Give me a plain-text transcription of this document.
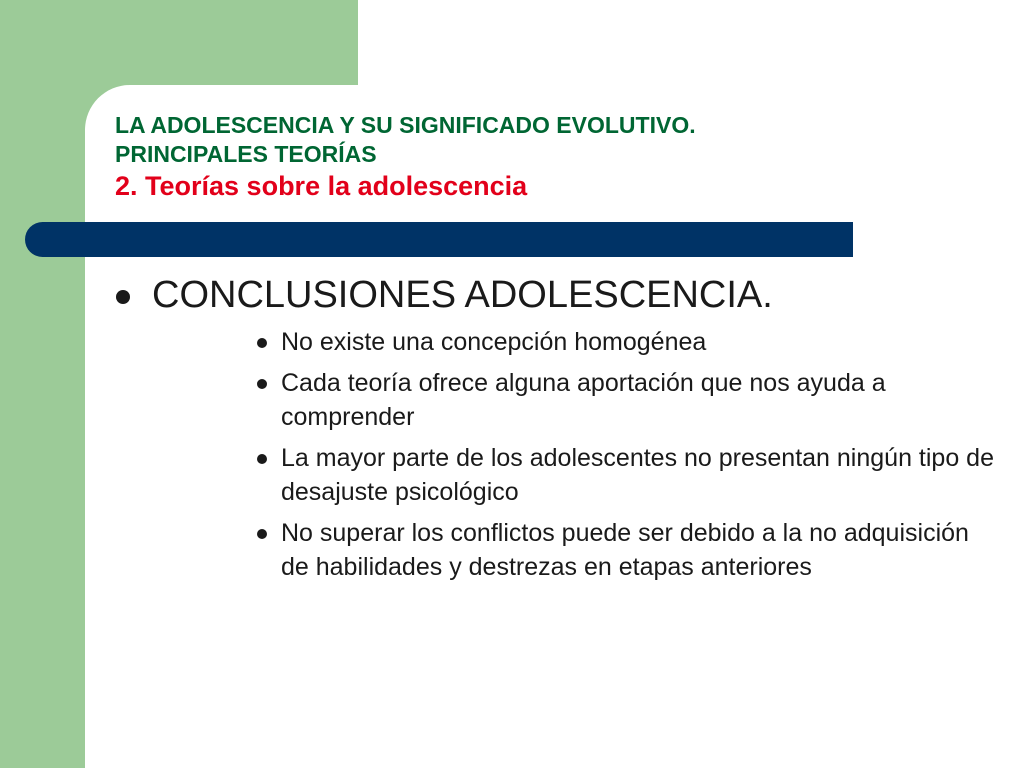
LA ADOLESCENCIA Y SU SIGNIFICADO EVOLUTIVO.

PRINCIPALES TEORÍAS

2. Teorías sobre la adolescencia

CONCLUSIONES ADOLESCENCIA.
No existe una concepción homogénea
Cada teoría ofrece alguna aportación que nos ayuda a comprender
La mayor parte de los adolescentes no presentan ningún tipo de desajuste psicológico
No superar los conflictos puede ser debido a la no adquisición de habilidades y destrezas en etapas anteriores
